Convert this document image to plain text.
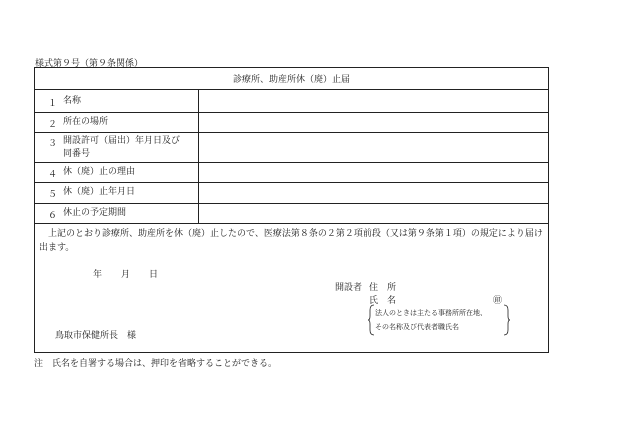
様式第９号（第９条関係）
診療所、助産所休（廃）止届
１ 名称
２ 所在の場所
３ 開設許可（届出）年月日及び
同番号
４ 休（廃）止の理由
５ 休（廃）止年月日
６ 休止の予定期間
上記のとおり診療所、助産所を休（廃）止したので、医療法第８条の２第２項前段（又は第９条第１項）の規定により届け出ます。
年 月 日
開設者 住　所
氏　名	㊞
法人のときは主たる事務所所在地、
その名称及び代表者職氏名
鳥取市保健所長　様
注　氏名を自署する場合は、押印を省略することができる。
